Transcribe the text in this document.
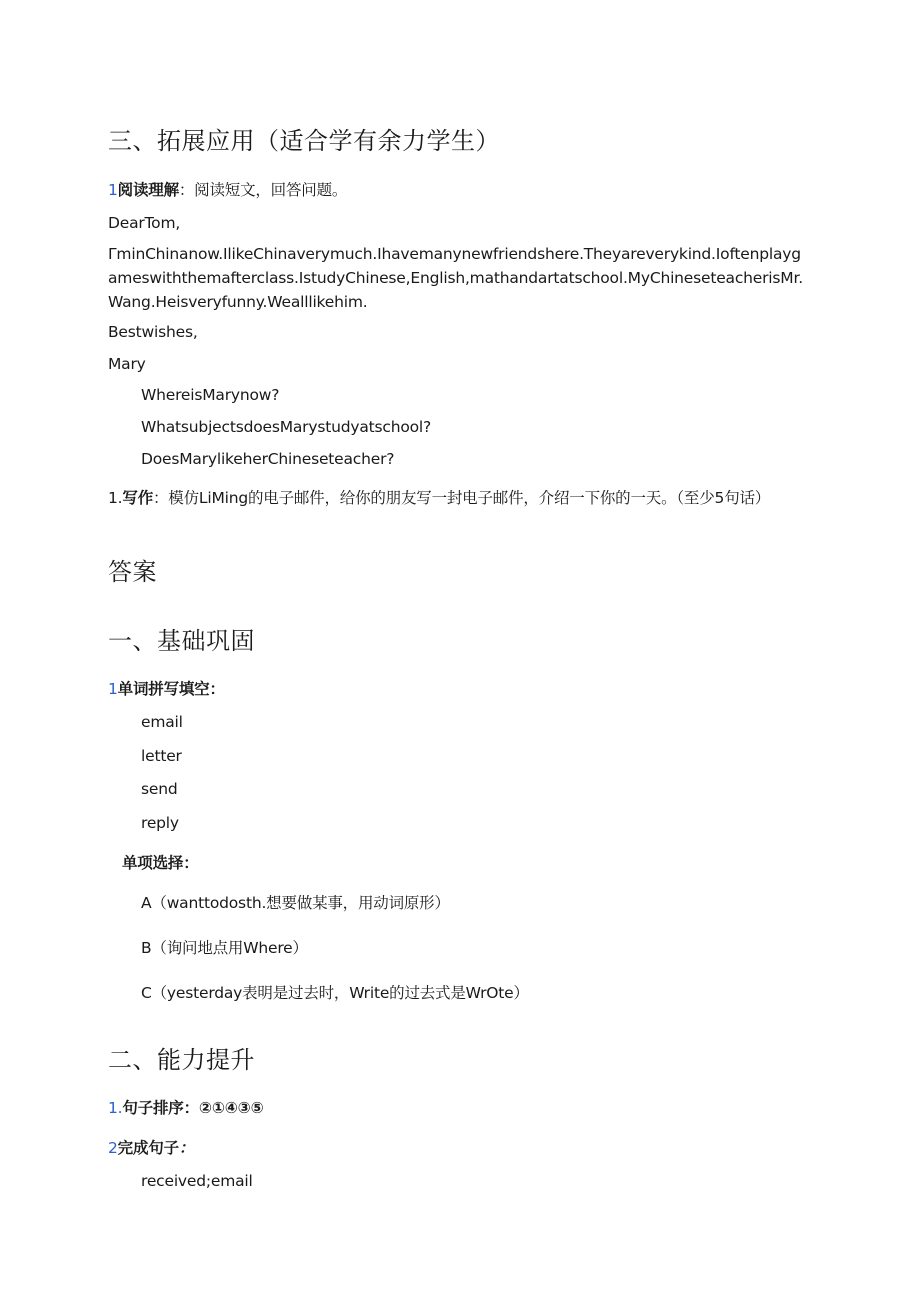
三、拓展应用（适合学有余力学生）
1阅读理解：阅读短文，回答问题。
DearTom,
ΓminChinanow.IlikeChinaverymuch.Ihavemanynewfriendshere.Theyareverykind.Ioftenplayg
ameswiththemafterclass.IstudyChinese,English,mathandartatschool.MyChineseteacherisMr.
Wang.Heisveryfunny.Wealllikehim.
Bestwishes,
Mary
WhereisMarynow?
WhatsubjectsdoesMarystudyatschool?
DoesMarylikeherChineseteacher?
1.写作：模仿LiMing的电子邮件，给你的朋友写一封电子邮件，介绍一下你的一天。（至少5句话）
答案
一、基础巩固
1单词拼写填空：
email
letter
send
reply
单项选择：
A（wanttodosth.想要做某事，用动词原形）
B（询问地点用Where）
C（yesterday表明是过去时，Write的过去式是WrOte）
二、能力提升
1.句子排序：②①④③⑤
2完成句子：
received;email
